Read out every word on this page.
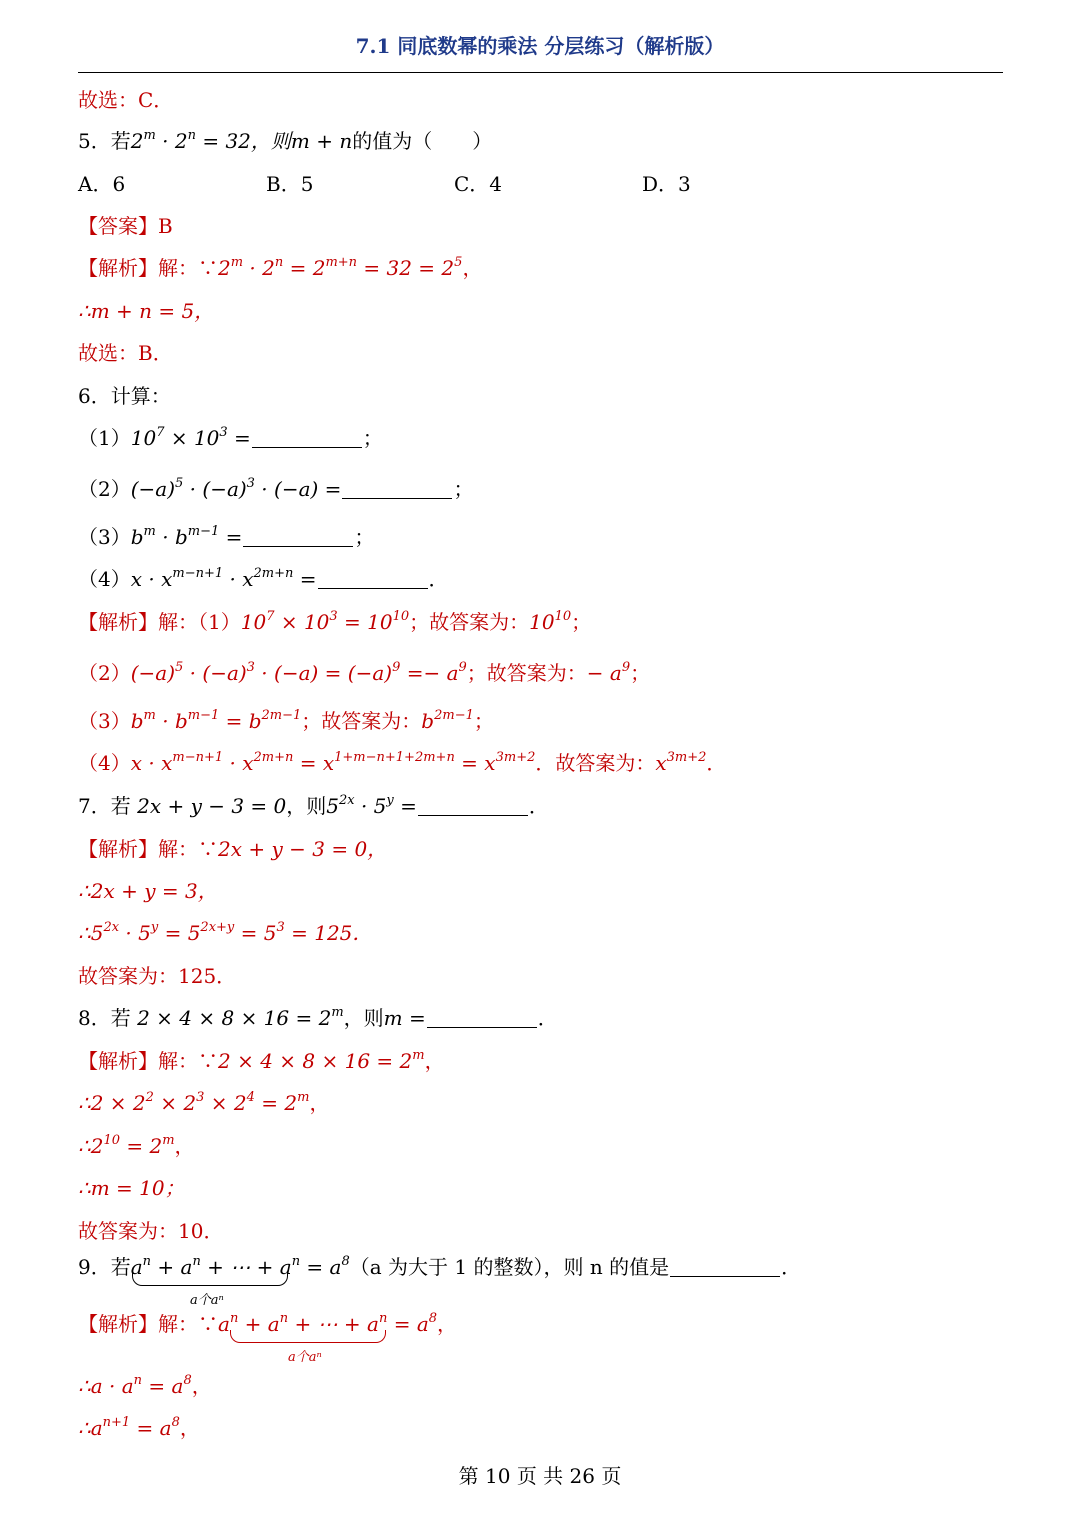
7.1 同底数幂的乘法 分层练习（解析版）
故选：C．
5．若$2^m \cdot 2^n = 32$，则m + n的值为（　　）
A．6	B．5	C．4	D．3
【答案】B
【解析】解：$\because 2^m \cdot 2^n = 2^{m+n} = 32 = 2^5$，
∴m + n = 5，
故选：B．
6．计算：
$(1)10^7 \times 10^3$ =	；
$(2)(-a)^5 \cdot (-a)^3 \cdot (-a)$ =	；
$(3)b^m \cdot b^{m-1}$ =	；
$(4)x \cdot x^{m-n+1} \cdot x^{2m+n}$ =	．
【解析】解：$(1)10^7 \times 10^3 = 10^{10}$；故答案为：$10^{10}$；
$(2)(-a)^5 \cdot (-a)^3 \cdot (-a) = (-a)^9 =- a^9$；故答案为：− $a^9$；
$(3)b^m \cdot b^{m-1} = b^{2m-1}$；故答案为：$b^{2m-1}$；
$(4)x \cdot x^{m-n+1} \cdot x^{2m+n} = x^{1+m-n+1+2m+n} = x^{3m+2}$．故答案为：$x^{3m+2}$．
7．若 2x + y − 3 = 0，则$5^{2x} \cdot 5^y$ =	．
【解析】解：∵2x + y − 3 = 0，
∴2x + y = 3，
$\therefore 5^{2x} \cdot 5^y = 5^{2x+y} = 5^3 = 125$．
故答案为：125．
8．若 $2 \times 4 \times 8 \times 16 = 2^m$，则m =	．
【解析】解：∵2 × $4 \times 8 \times 16 = 2^m$，
∴2 × $2^2 \times 2^3 \times 2^4 = 2^m$，
$\therefore 2^{10} = 2^m$，
∴m = 10；
故答案为：10．
9．若$a^n + a^n$ + ⋯ + $a^n = a^8(a$ 为大于 1 的整数），则 n 的值是	．
a个aⁿ
【解析】解：$\because a^n + a^n$ + ⋯ + $a^n = a^8$，
a个aⁿ
∴a · $a^n = a^8$，
$\therefore a^{n+1} = a^8$，
第 10 页 共 26 页
